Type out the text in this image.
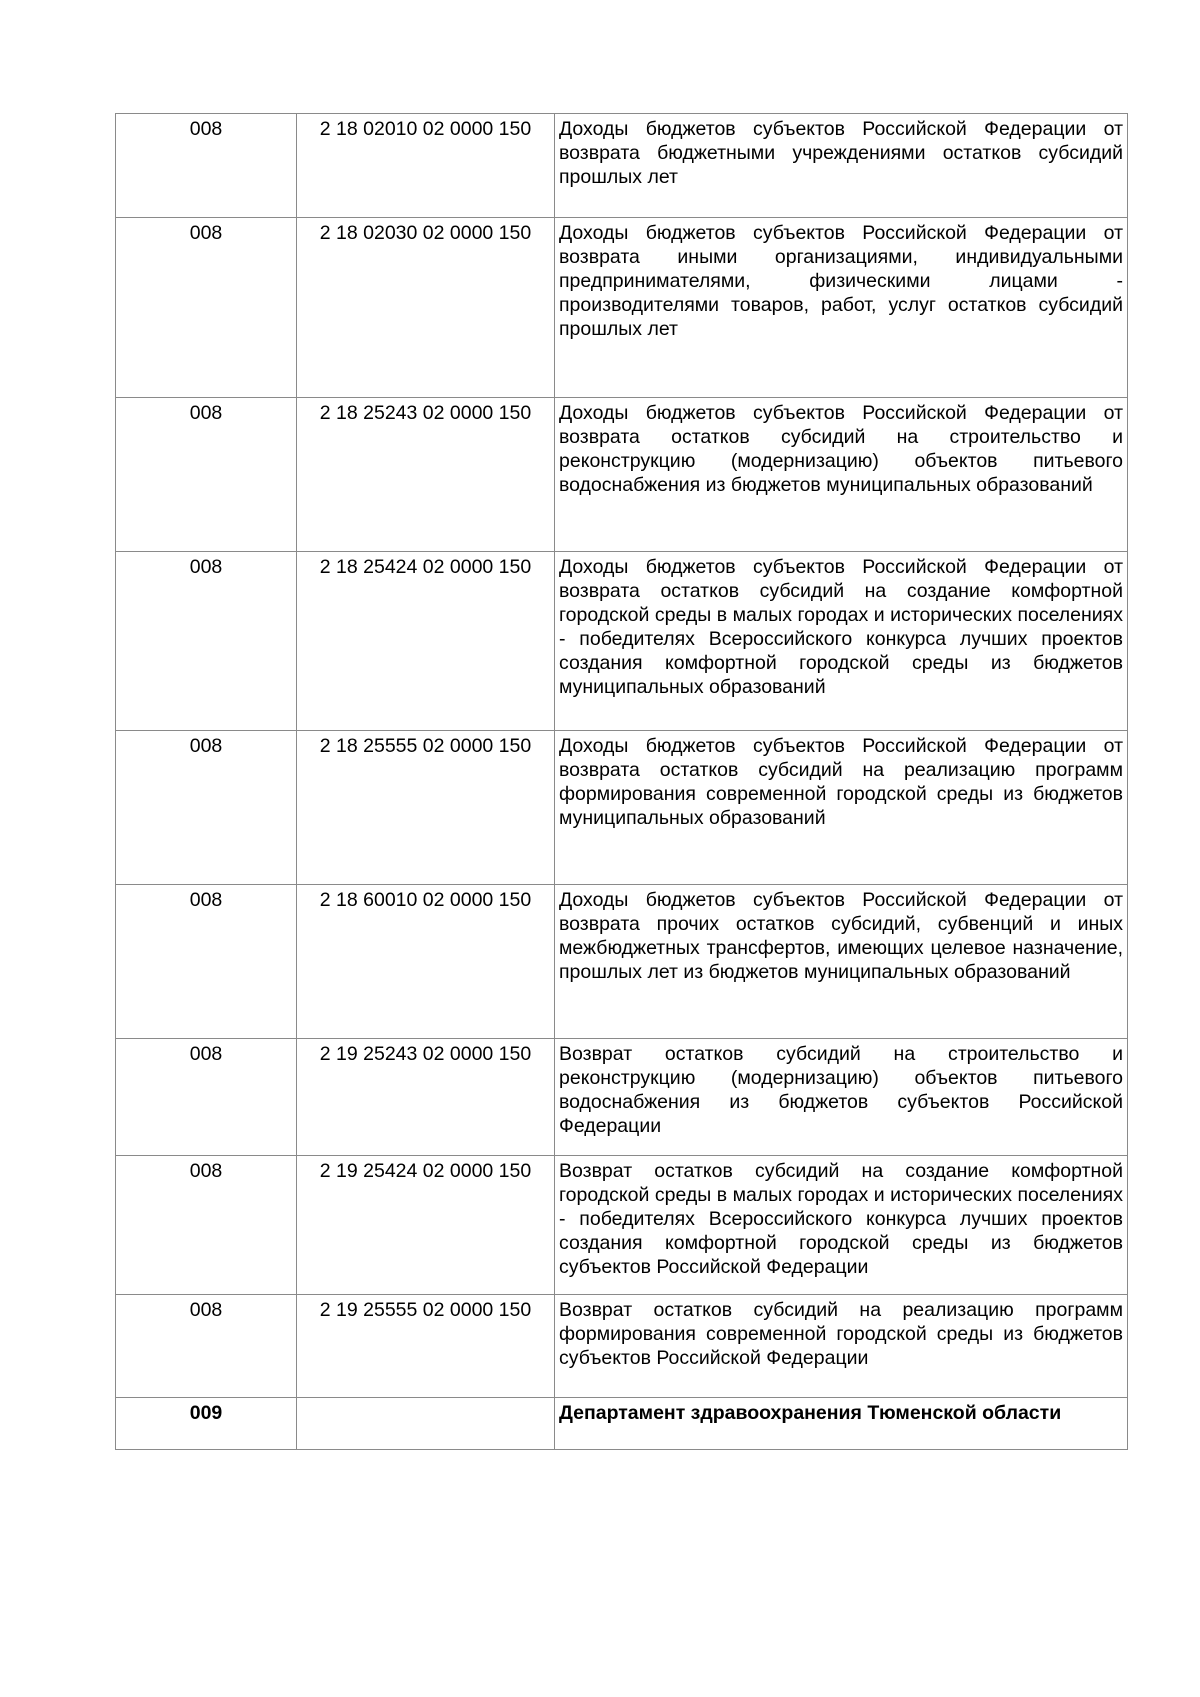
008	2 18 02010 02 0000 150	Доходы бюджетов субъектов Российской Федерации от возврата бюджетными учреждениями остатков субсидий прошлых лет
008	2 18 02030 02 0000 150	Доходы бюджетов субъектов Российской Федерации от возврата иными организациями, индивидуальными предпринимателями, физическими лицами - производителями товаров, работ, услуг остатков субсидий прошлых лет
008	2 18 25243 02 0000 150	Доходы бюджетов субъектов Российской Федерации от возврата остатков субсидий на строительство и реконструкцию (модернизацию) объектов питьевого водоснабжения из бюджетов муниципальных образований
008	2 18 25424 02 0000 150	Доходы бюджетов субъектов Российской Федерации от возврата остатков субсидий на создание комфортной городской среды в малых городах и исторических поселениях - победителях Всероссийского конкурса лучших проектов создания комфортной городской среды из бюджетов муниципальных образований
008	2 18 25555 02 0000 150	Доходы бюджетов субъектов Российской Федерации от возврата остатков субсидий на реализацию программ формирования современной городской среды из бюджетов муниципальных образований
008	2 18 60010 02 0000 150	Доходы бюджетов субъектов Российской Федерации от возврата прочих остатков субсидий, субвенций и иных межбюджетных трансфертов, имеющих целевое назначение, прошлых лет из бюджетов муниципальных образований
008	2 19 25243 02 0000 150	Возврат остатков субсидий на строительство и реконструкцию (модернизацию) объектов питьевого водоснабжения из бюджетов субъектов Российской Федерации
008	2 19 25424 02 0000 150	Возврат остатков субсидий на создание комфортной городской среды в малых городах и исторических поселениях - победителях Всероссийского конкурса лучших проектов создания комфортной городской среды из бюджетов субъектов Российской Федерации
008	2 19 25555 02 0000 150	Возврат остатков субсидий на реализацию программ формирования современной городской среды из бюджетов субъектов Российской Федерации
009		Департамент здравоохранения Тюменской области
